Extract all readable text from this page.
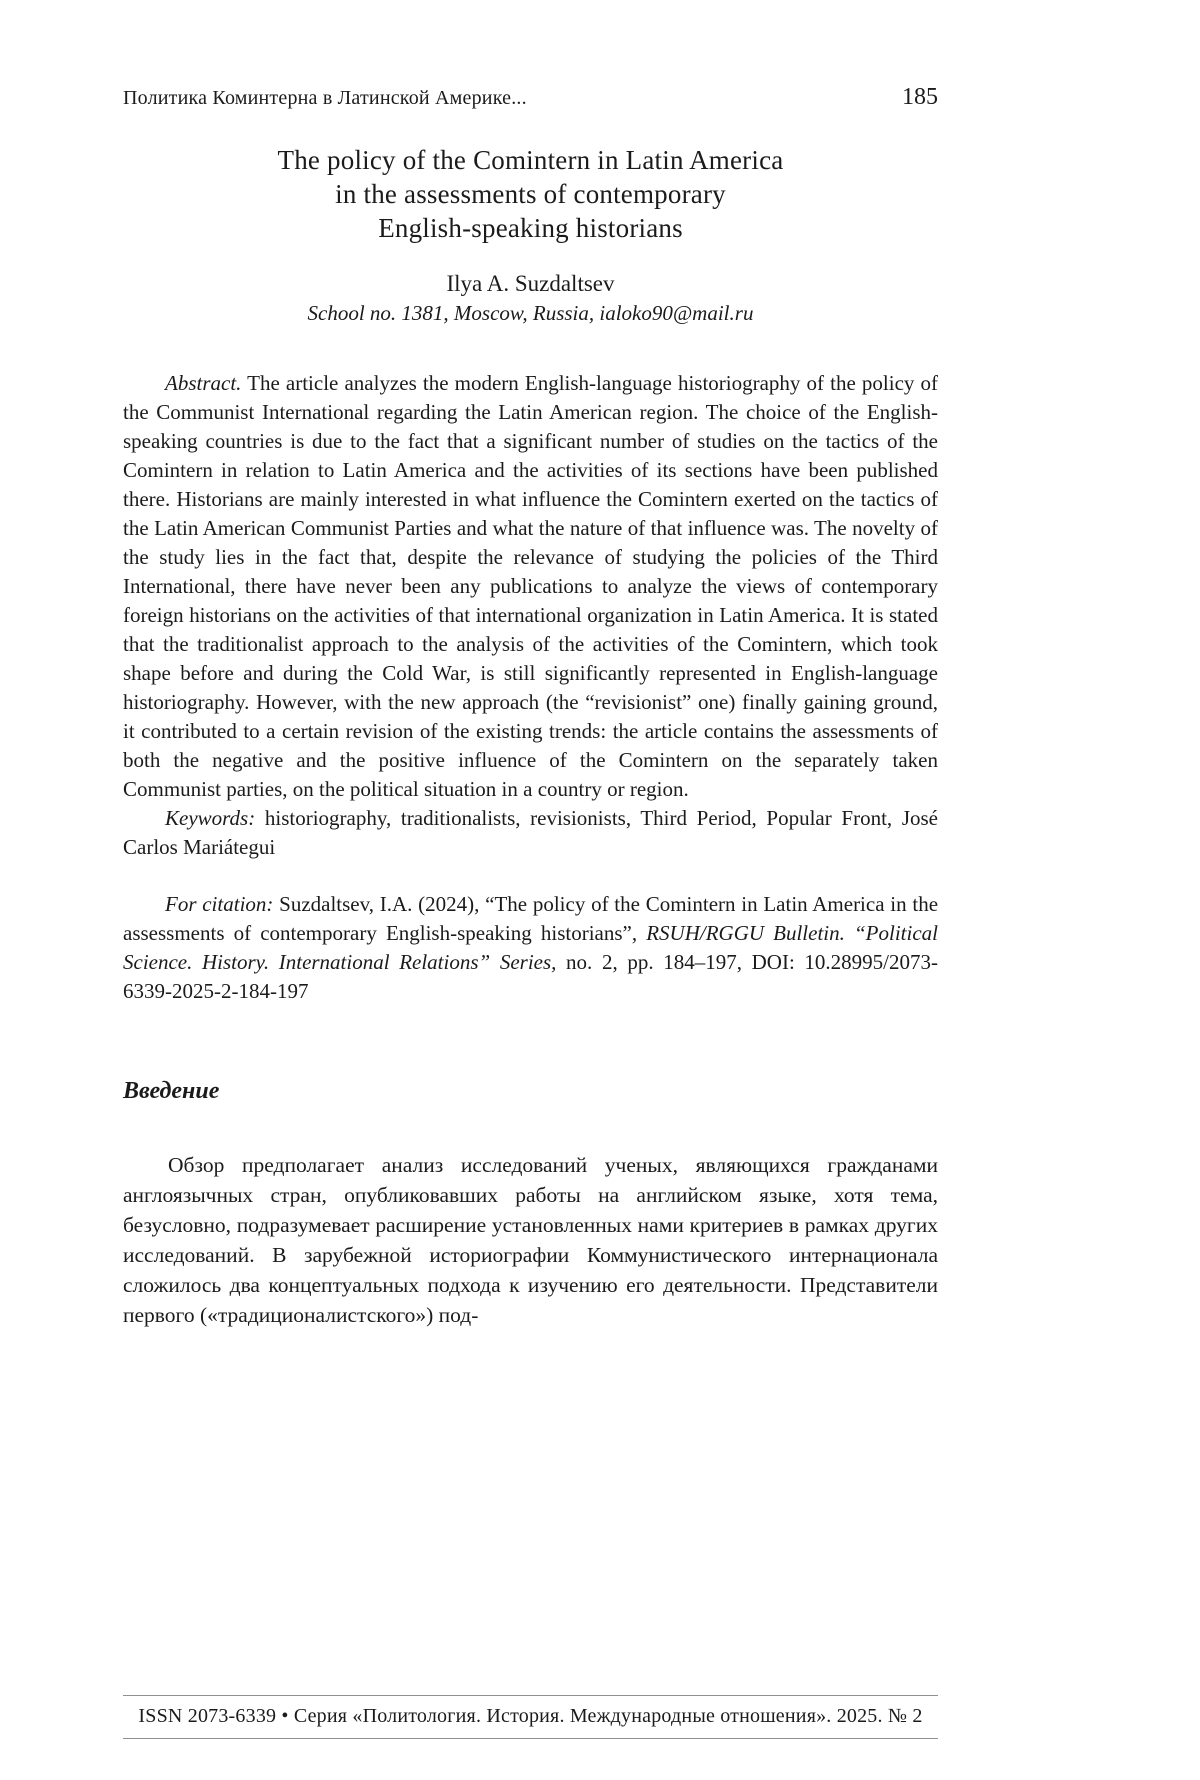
Политика Коминтерна в Латинской Америке...	185
The policy of the Comintern in Latin America
in the assessments of contemporary
English-speaking historians
Ilya A. Suzdaltsev
School no. 1381, Moscow, Russia, ialoko90@mail.ru

Abstract. The article analyzes the modern English-language historiography of the policy of the Communist International regarding the Latin American region. The choice of the English-speaking countries is due to the fact that a significant number of studies on the tactics of the Comintern in relation to Latin America and the activities of its sections have been published there. Historians are mainly interested in what influence the Comintern exerted on the tactics of the Latin American Communist Parties and what the nature of that influence was. The novelty of the study lies in the fact that, despite the relevance of studying the policies of the Third International, there have never been any publications to analyze the views of contemporary foreign historians on the activities of that international organization in Latin America. It is stated that the traditionalist approach to the analysis of the activities of the Comintern, which took shape before and during the Cold War, is still significantly represented in English-language historiography. However, with the new approach (the “revisionist” one) finally gaining ground, it contributed to a certain revision of the existing trends: the article contains the assessments of both the negative and the positive influence of the Comintern on the separately taken Communist parties, on the political situation in a country or region.

Keywords: historiography, traditionalists, revisionists, Third Period, Popular Front, José Carlos Mariátegui

For citation: Suzdaltsev, I.A. (2024), “The policy of the Comintern in Latin America in the assessments of contemporary English-speaking historians”, RSUH/RGGU Bulletin. “Political Science. History. International Relations” Series, no. 2, pp. 184–197, DOI: 10.28995/2073-6339-2025-2-184-197

Введение

Обзор предполагает анализ исследований ученых, являющихся гражданами англоязычных стран, опубликовавших работы на английском языке, хотя тема, безусловно, подразумевает расширение установленных нами критериев в рамках других исследований. В зарубежной историографии Коммунистического интернационала сложилось два концептуальных подхода к изучению его деятельности. Представители первого («традиционалистского») под-

ISSN 2073-6339 • Серия «Политология. История. Международные отношения». 2025. № 2
